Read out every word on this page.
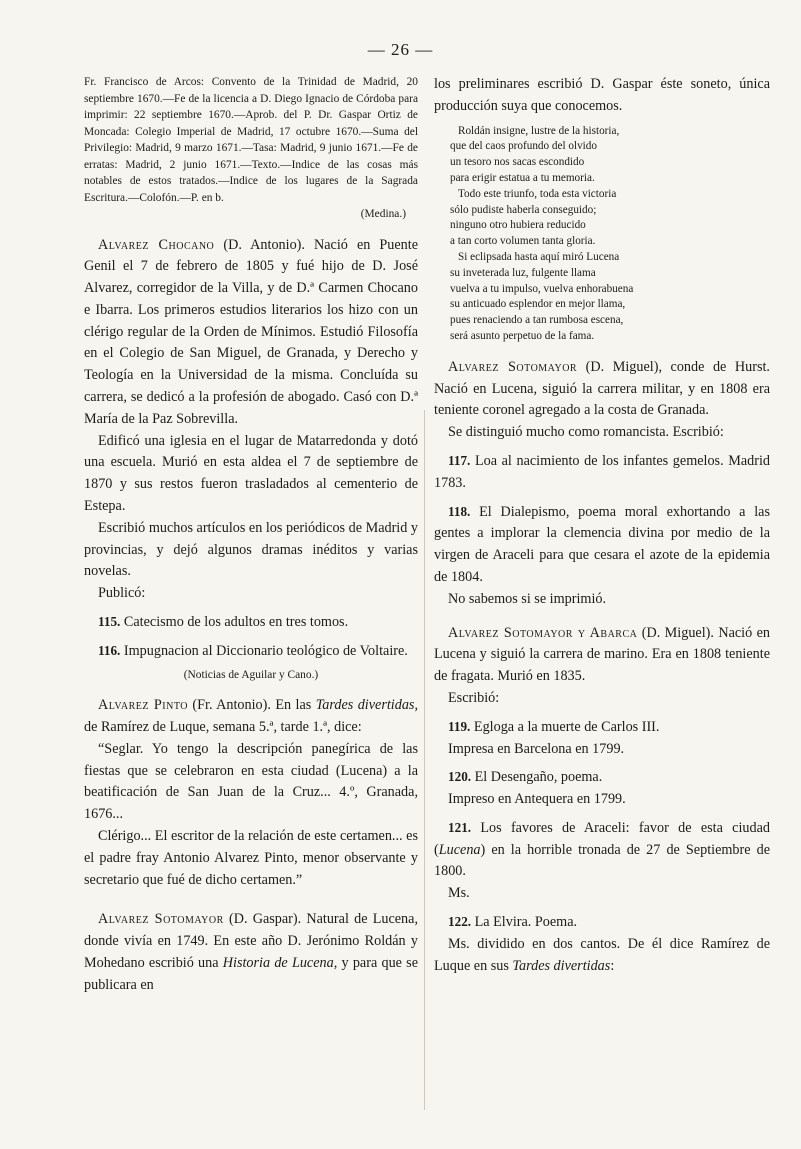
— 26 —

Fr. Francisco de Arcos: Convento de la Trinidad de Madrid, 20 septiembre 1670.—Fe de la licencia a D. Diego Ignacio de Córdoba para imprimir: 22 septiembre 1670.—Aprob. del P. Dr. Gaspar Ortiz de Moncada: Colegio Imperial de Madrid, 17 octubre 1670.—Suma del Privilegio: Madrid, 9 marzo 1671.—Tasa: Madrid, 9 junio 1671.—Fe de erratas: Madrid, 2 junio 1671.—Texto.—Indice de las cosas más notables de estos tratados.—Indice de los lugares de la Sagrada Escritura.—Colofón.—P. en b.

(Medina.)

Alvarez Chocano (D. Antonio). Nació en Puente Genil el 7 de febrero de 1805 y fué hijo de D. José Alvarez, corregidor de la Villa, y de D.ª Carmen Chocano e Ibarra. Los primeros estudios literarios los hizo con un clérigo regular de la Orden de Mínimos. Estudió Filosofía en el Colegio de San Miguel, de Granada, y Derecho y Teología en la Universidad de la misma. Concluída su carrera, se dedicó a la profesión de abogado. Casó con D.ª María de la Paz Sobrevilla.

Edificó una iglesia en el lugar de Matarredonda y dotó una escuela. Murió en esta aldea el 7 de septiembre de 1870 y sus restos fueron trasladados al cementerio de Estepa.

Escribió muchos artículos en los periódicos de Madrid y provincias, y dejó algunos dramas inéditos y varias novelas.

Publicó:

115. Catecismo de los adultos en tres tomos.

116. Impugnacion al Diccionario teológico de Voltaire.

(Noticias de Aguilar y Cano.)

Alvarez Pinto (Fr. Antonio). En las Tardes divertidas, de Ramírez de Luque, semana 5.ª, tarde 1.ª, dice:

“Seglar. Yo tengo la descripción panegírica de las fiestas que se celebraron en esta ciudad (Lucena) a la beatificación de San Juan de la Cruz... 4.º, Granada, 1676...

Clérigo... El escritor de la relación de este certamen... es el padre fray Antonio Alvarez Pinto, menor observante y secretario que fué de dicho certamen.”

Alvarez Sotomayor (D. Gaspar). Natural de Lucena, donde vivía en 1749. En este año D. Jerónimo Roldán y Mohedano escribió una Historia de Lucena, y para que se publicara en

los preliminares escribió D. Gaspar éste soneto, única producción suya que conocemos.

Roldán insigne, lustre de la historia,
que del caos profundo del olvido
un tesoro nos sacas escondido
para erigir estatua a tu memoria.
Todo este triunfo, toda esta victoria
sólo pudiste haberla conseguido;
ninguno otro hubiera reducido
a tan corto volumen tanta gloria.
Si eclipsada hasta aquí miró Lucena
su inveterada luz, fulgente llama
vuelva a tu impulso, vuelva enhorabuena
su anticuado esplendor en mejor llama,
pues renaciendo a tan rumbosa escena,
será asunto perpetuo de la fama.

Alvarez Sotomayor (D. Miguel), conde de Hurst. Nació en Lucena, siguió la carrera militar, y en 1808 era teniente coronel agregado a la costa de Granada.

Se distinguió mucho como romancista. Escribió:

117. Loa al nacimiento de los infantes gemelos. Madrid 1783.

118. El Dialepismo, poema moral exhortando a las gentes a implorar la clemencia divina por medio de la virgen de Araceli para que cesara el azote de la epidemia de 1804.

No sabemos si se imprimió.

Alvarez Sotomayor y Abarca (D. Miguel). Nació en Lucena y siguió la carrera de marino. Era en 1808 teniente de fragata. Murió en 1835.

Escribió:

119. Egloga a la muerte de Carlos III.

Impresa en Barcelona en 1799.

120. El Desengaño, poema.

Impreso en Antequera en 1799.

121. Los favores de Araceli: favor de esta ciudad (Lucena) en la horrible tronada de 27 de Septiembre de 1800.

Ms.

122. La Elvira. Poema.

Ms. dividido en dos cantos. De él dice Ramírez de Luque en sus Tardes divertidas:
